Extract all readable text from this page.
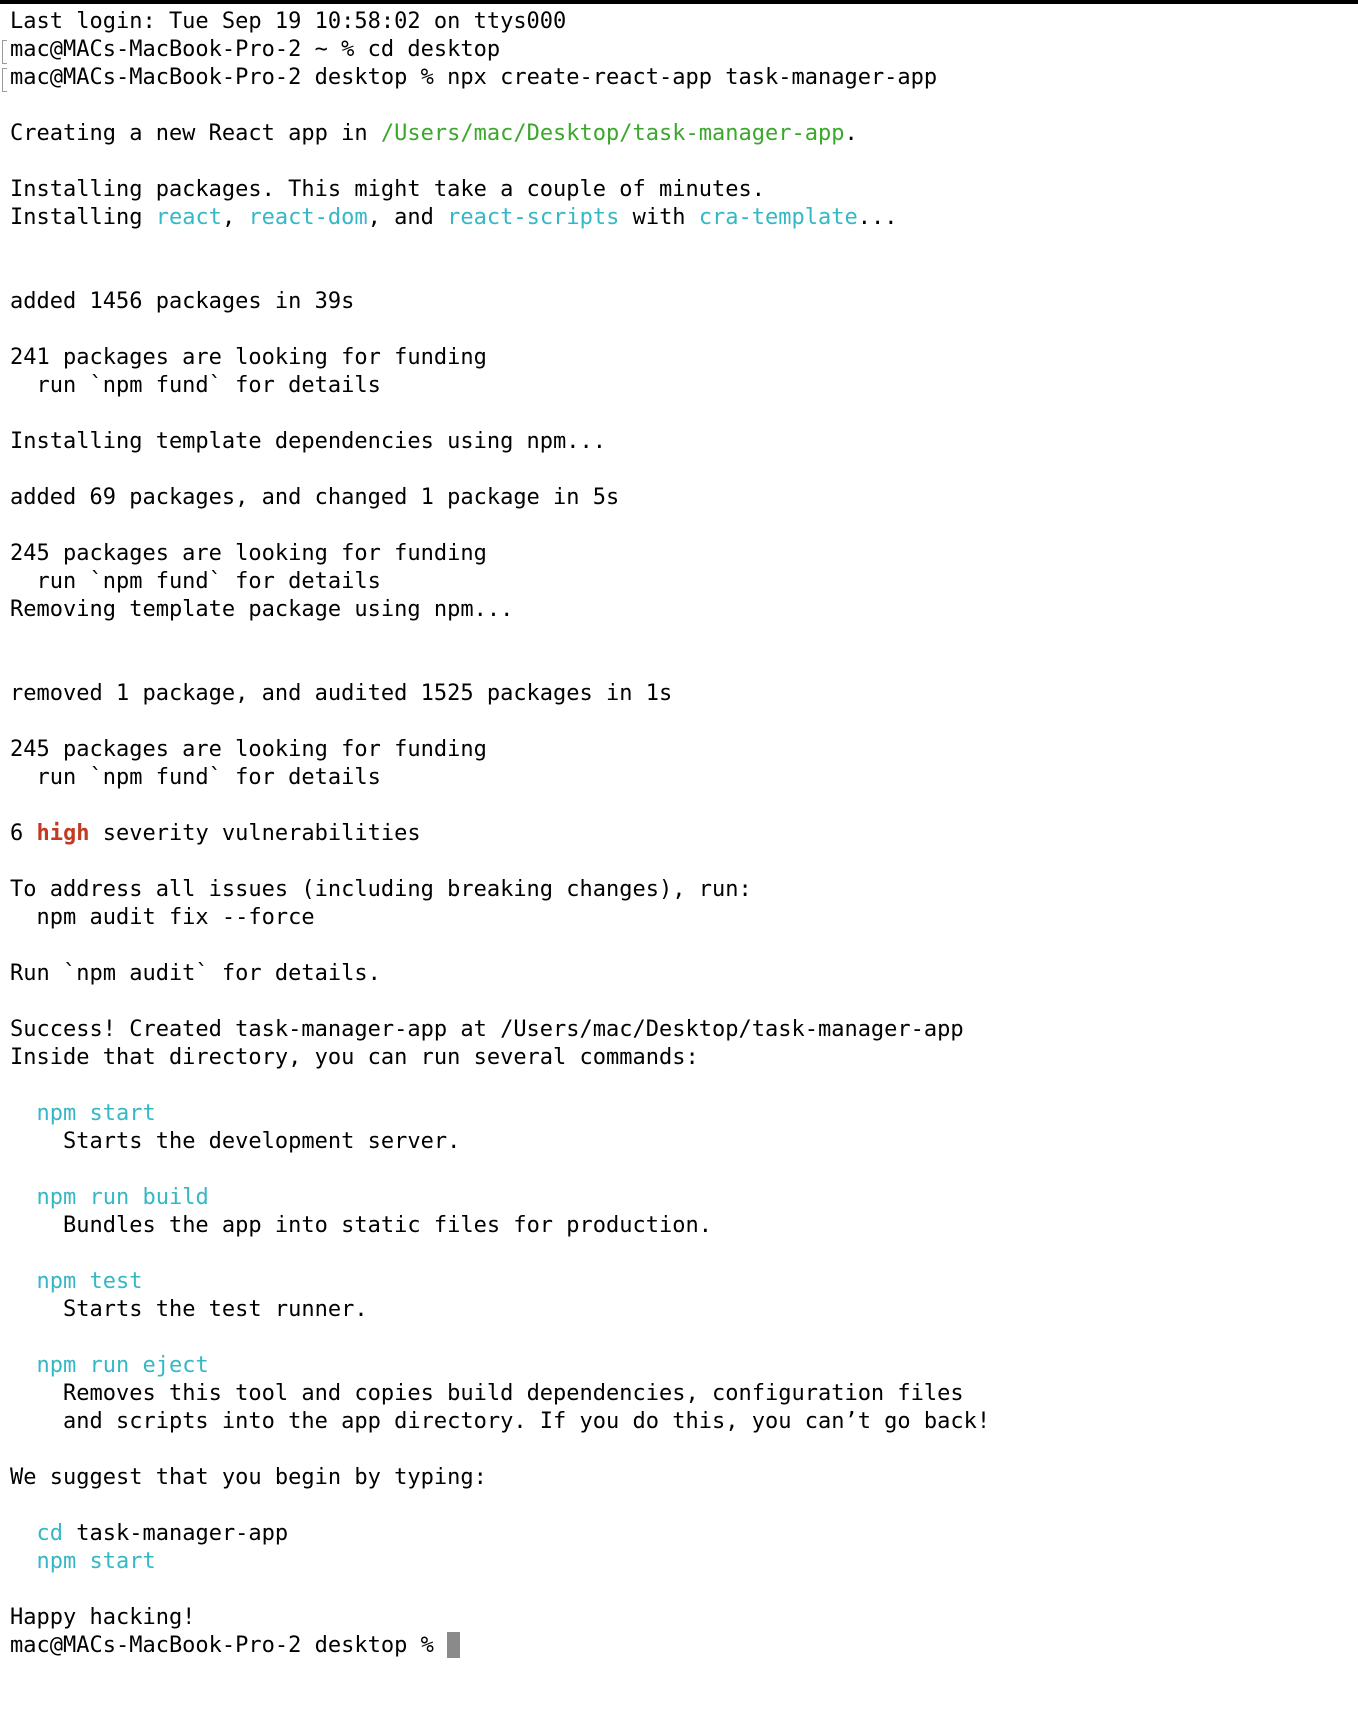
Last login: Tue Sep 19 10:58:02 on ttys000
mac@MACs-MacBook-Pro-2 ~ % cd desktop
mac@MACs-MacBook-Pro-2 desktop % npx create-react-app task-manager-app
Creating a new React app in /Users/mac/Desktop/task-manager-app.
Installing packages. This might take a couple of minutes.
Installing react, react-dom, and react-scripts with cra-template...
added 1456 packages in 39s
241 packages are looking for funding
run `npm fund` for details
Installing template dependencies using npm...
added 69 packages, and changed 1 package in 5s
245 packages are looking for funding
run `npm fund` for details
Removing template package using npm...
removed 1 package, and audited 1525 packages in 1s
245 packages are looking for funding
run `npm fund` for details
6 high severity vulnerabilities
To address all issues (including breaking changes), run:
npm audit fix --force
Run `npm audit` for details.
Success! Created task-manager-app at /Users/mac/Desktop/task-manager-app
Inside that directory, you can run several commands:
npm start
Starts the development server.
npm run build
Bundles the app into static files for production.
npm test
Starts the test runner.
npm run eject
Removes this tool and copies build dependencies, configuration files
and scripts into the app directory. If you do this, you can’t go back!
We suggest that you begin by typing:
cd task-manager-app
npm start
Happy hacking!
mac@MACs-MacBook-Pro-2 desktop %
